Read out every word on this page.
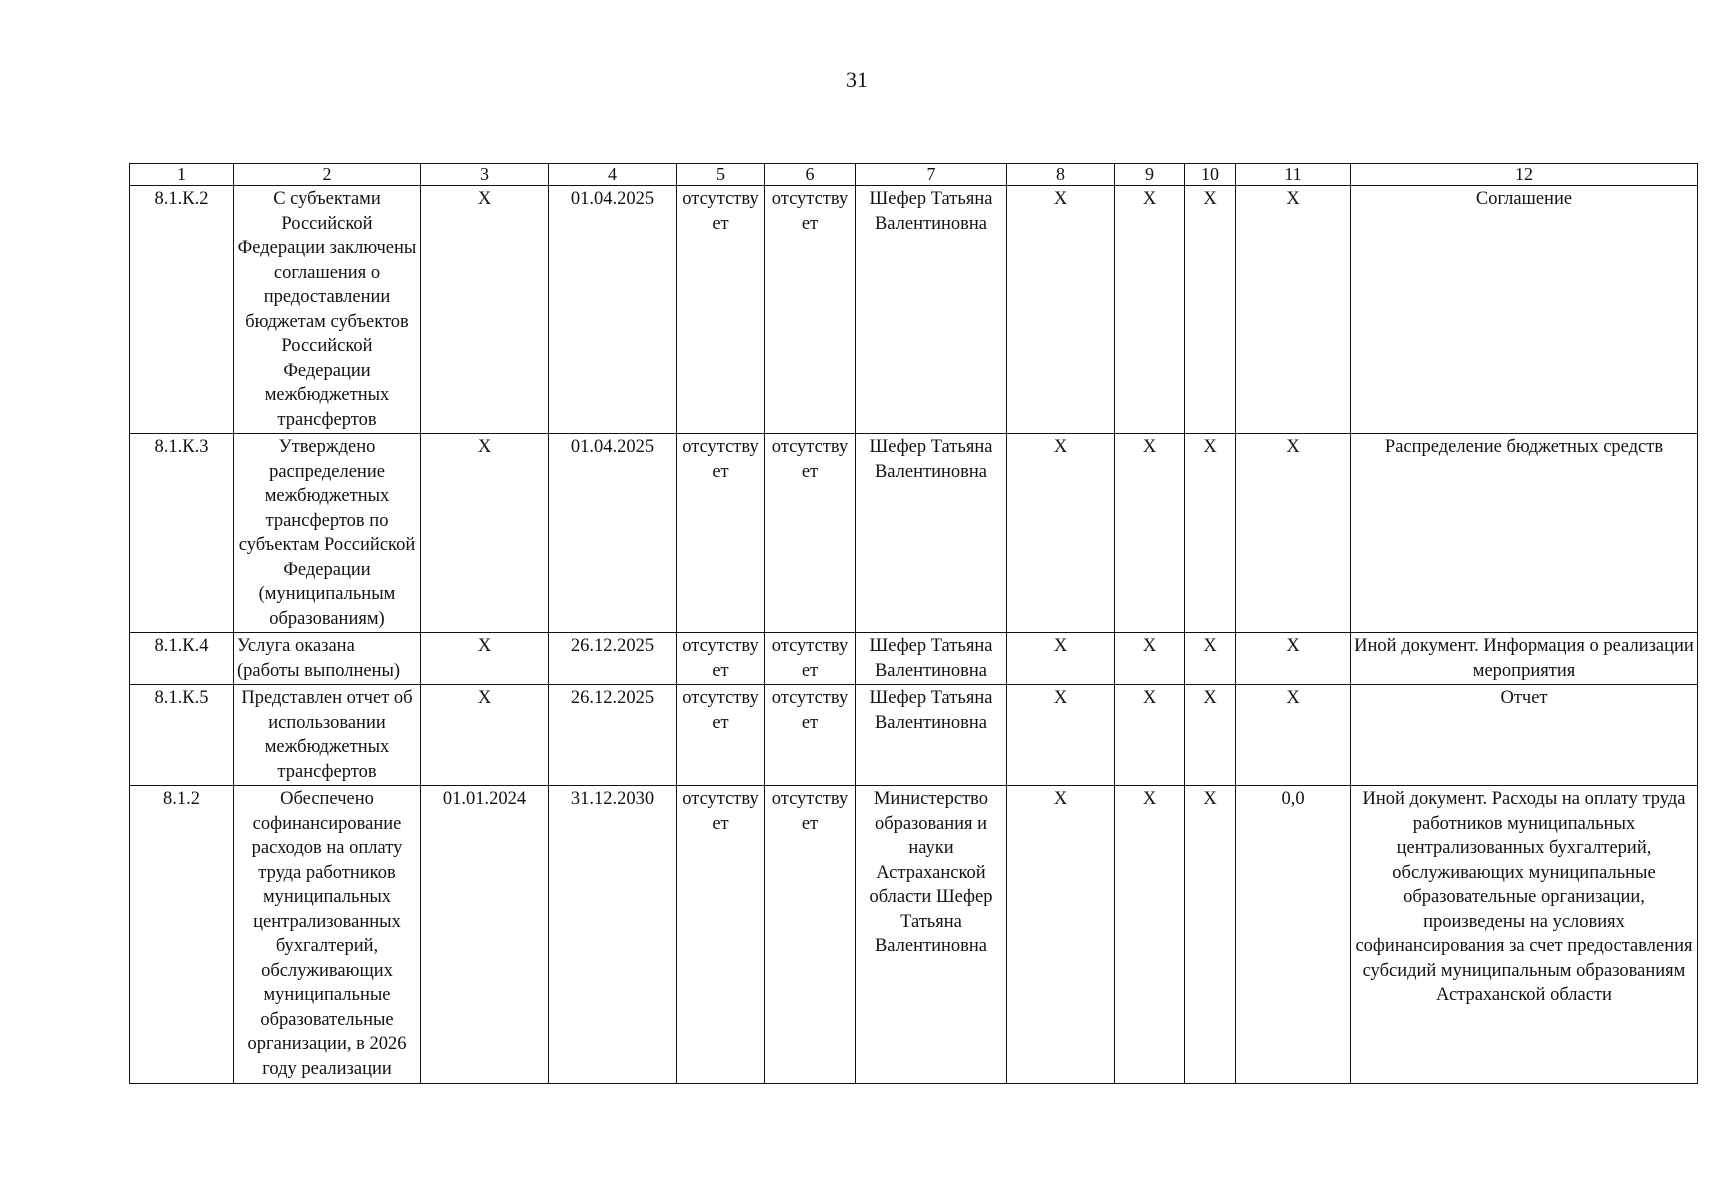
31
1	2	3	4	5	6	7	8	9	10	11	12
8.1.К.2	С субъектами Российской Федерации заключены соглашения о предоставлении бюджетам субъектов Российской Федерации межбюджетных трансфертов	X	01.04.2025	отсутствует	отсутствует	Шефер Татьяна Валентиновна	X	X	X	X	Соглашение
8.1.К.3	Утверждено распределение межбюджетных трансфертов по субъектам Российской Федерации (муниципальным образованиям)	X	01.04.2025	отсутствует	отсутствует	Шефер Татьяна Валентиновна	X	X	X	X	Распределение бюджетных средств
8.1.К.4	Услуга оказана (работы выполнены)	X	26.12.2025	отсутствует	отсутствует	Шефер Татьяна Валентиновна	X	X	X	X	Иной документ. Информация о реализации мероприятия
8.1.К.5	Представлен отчет об использовании межбюджетных трансфертов	X	26.12.2025	отсутствует	отсутствует	Шефер Татьяна Валентиновна	X	X	X	X	Отчет
8.1.2	Обеспечено софинансирование расходов на оплату труда работников муниципальных централизованных бухгалтерий, обслуживающих муниципальные образовательные организации, в 2026 году реализации	01.01.2024	31.12.2030	отсутствует	отсутствует	Министерство образования и науки Астраханской области Шефер Татьяна Валентиновна	X	X	X	0,0	Иной документ. Расходы на оплату труда работников муниципальных централизованных бухгалтерий, обслуживающих муниципальные образовательные организации, произведены на условиях софинансирования за счет предоставления субсидий муниципальным образованиям Астраханской области
